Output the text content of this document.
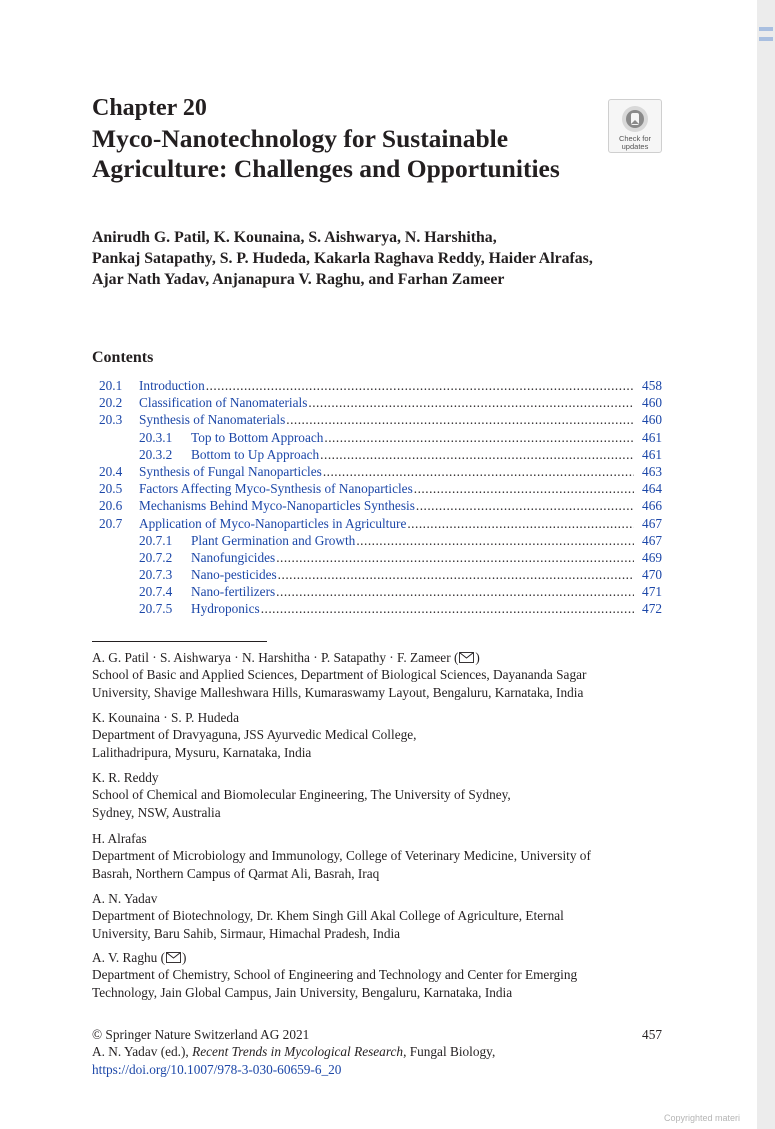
Chapter 20
Myco-Nanotechnology for Sustainable Agriculture: Challenges and Opportunities
Check for
updates
Anirudh G. Patil, K. Kounaina, S. Aishwarya, N. Harshitha,
Pankaj Satapathy, S. P. Hudeda, Kakarla Raghava Reddy, Haider Alrafas,
Ajar Nath Yadav, Anjanapura V. Raghu, and Farhan Zameer
Contents
20.1 Introduction .....	458
20.2 Classification of Nanomaterials .....	460
20.3 Synthesis of Nanomaterials .....	460
20.3.1 Top to Bottom Approach .....	461
20.3.2 Bottom to Up Approach .....	461
20.4 Synthesis of Fungal Nanoparticles .....	463
20.5 Factors Affecting Myco-Synthesis of Nanoparticles .....	464
20.6 Mechanisms Behind Myco-Nanoparticles Synthesis .....	466
20.7 Application of Myco-Nanoparticles in Agriculture .....	467
20.7.1 Plant Germination and Growth .....	467
20.7.2 Nanofungicides .....	469
20.7.3 Nano-pesticides .....	470
20.7.4 Nano-fertilizers .....	471
20.7.5 Hydroponics .....	472

A. G. Patil · S. Aishwarya · N. Harshitha · P. Satapathy · F. Zameer ( )

School of Basic and Applied Sciences, Department of Biological Sciences, Dayananda Sagar

University, Shavige Malleshwara Hills, Kumaraswamy Layout, Bengaluru, Karnataka, India

K. Kounaina · S. P. Hudeda

Department of Dravyaguna, JSS Ayurvedic Medical College,

Lalithadripura, Mysuru, Karnataka, India

K. R. Reddy

School of Chemical and Biomolecular Engineering, The University of Sydney,

Sydney, NSW, Australia

H. Alrafas

Department of Microbiology and Immunology, College of Veterinary Medicine, University of

Basrah, Northern Campus of Qarmat Ali, Basrah, Iraq

A. N. Yadav

Department of Biotechnology, Dr. Khem Singh Gill Akal College of Agriculture, Eternal

University, Baru Sahib, Sirmaur, Himachal Pradesh, India

A. V. Raghu ( )

Department of Chemistry, School of Engineering and Technology and Center for Emerging

Technology, Jain Global Campus, Jain University, Bengaluru, Karnataka, India

© Springer Nature Switzerland AG 2021	457

A. N. Yadav (ed.), Recent Trends in Mycological Research, Fungal Biology,

https://doi.org/10.1007/978-3-030-60659-6_20

Copyrighted materi
